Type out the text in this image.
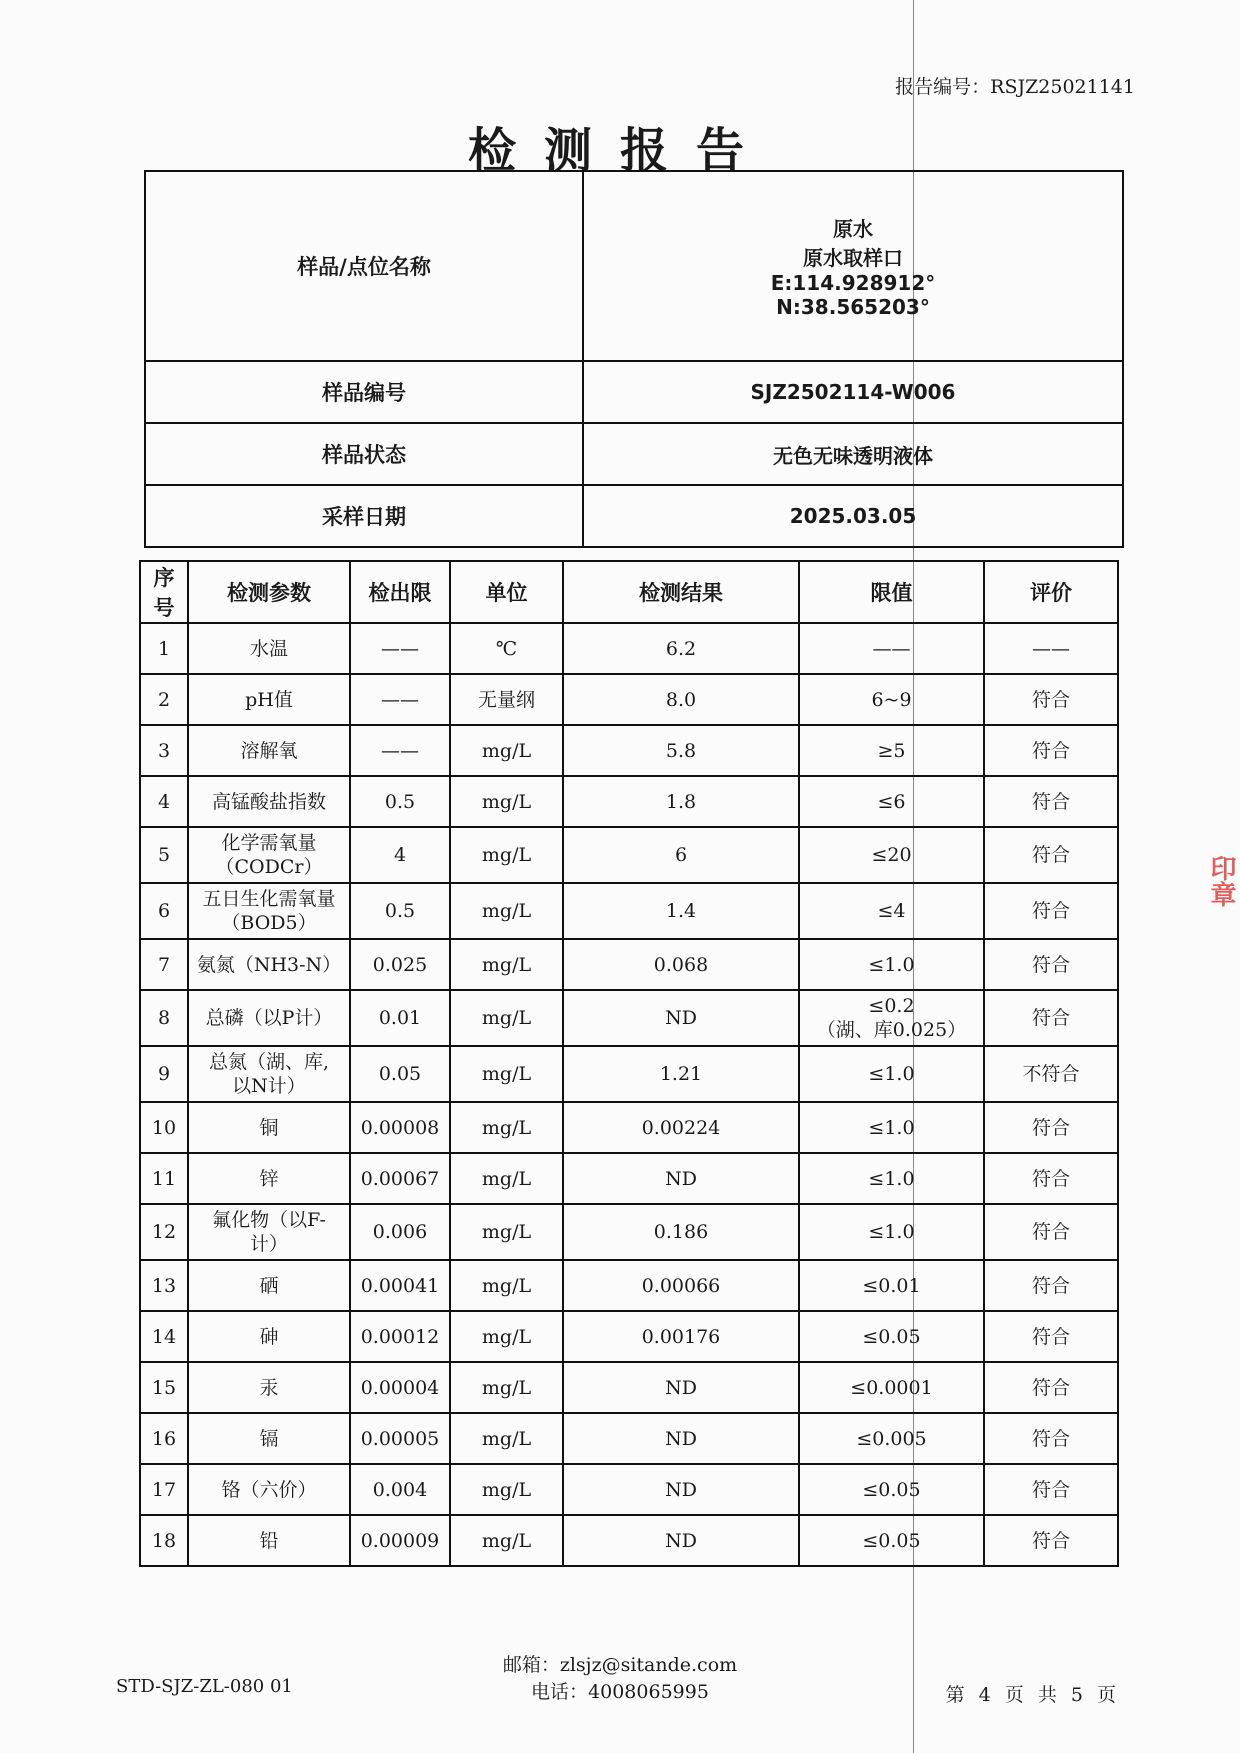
印章
报告编号：RSJZ25021141
检测报告
样品/点位名称	原水
原水取样口
E:114.928912°
N:38.565203°

样品编号	SJZ2502114-W006

样品状态	无色无味透明液体

采样日期	2025.03.05
序号	检测参数	检出限	单位	检测结果	限值	评价

1	水温	——	℃	6.2	——	——

2	pH值	——	无量纲	8.0	6~9	符合

3	溶解氧	——	mg/L	5.8	≥5	符合

4	高锰酸盐指数	0.5	mg/L	1.8	≤6	符合

5	化学需氧量
（CODCr）	4	mg/L	6	≤20	符合

6	五日生化需氧量
（BOD5）	0.5	mg/L	1.4	≤4	符合

7	氨氮（NH3-N）	0.025	mg/L	0.068	≤1.0	符合

8	总磷（以P计）	0.01	mg/L	ND	≤0.2
（湖、库0.025）	符合

9	总氮（湖、库,
以N计）	0.05	mg/L	1.21	≤1.0	不符合

10	铜	0.00008	mg/L	0.00224	≤1.0	符合

11	锌	0.00067	mg/L	ND	≤1.0	符合

12	氟化物（以F-
计）	0.006	mg/L	0.186	≤1.0	符合

13	硒	0.00041	mg/L	0.00066	≤0.01	符合

14	砷	0.00012	mg/L	0.00176	≤0.05	符合

15	汞	0.00004	mg/L	ND	≤0.0001	符合

16	镉	0.00005	mg/L	ND	≤0.005	符合

17	铬（六价）	0.004	mg/L	ND	≤0.05	符合

18	铅	0.00009	mg/L	ND	≤0.05	符合
STD-SJZ-ZL-080 01
邮箱：zlsjz@sitande.com
电话：4008065995	第 4 页 共 5 页
